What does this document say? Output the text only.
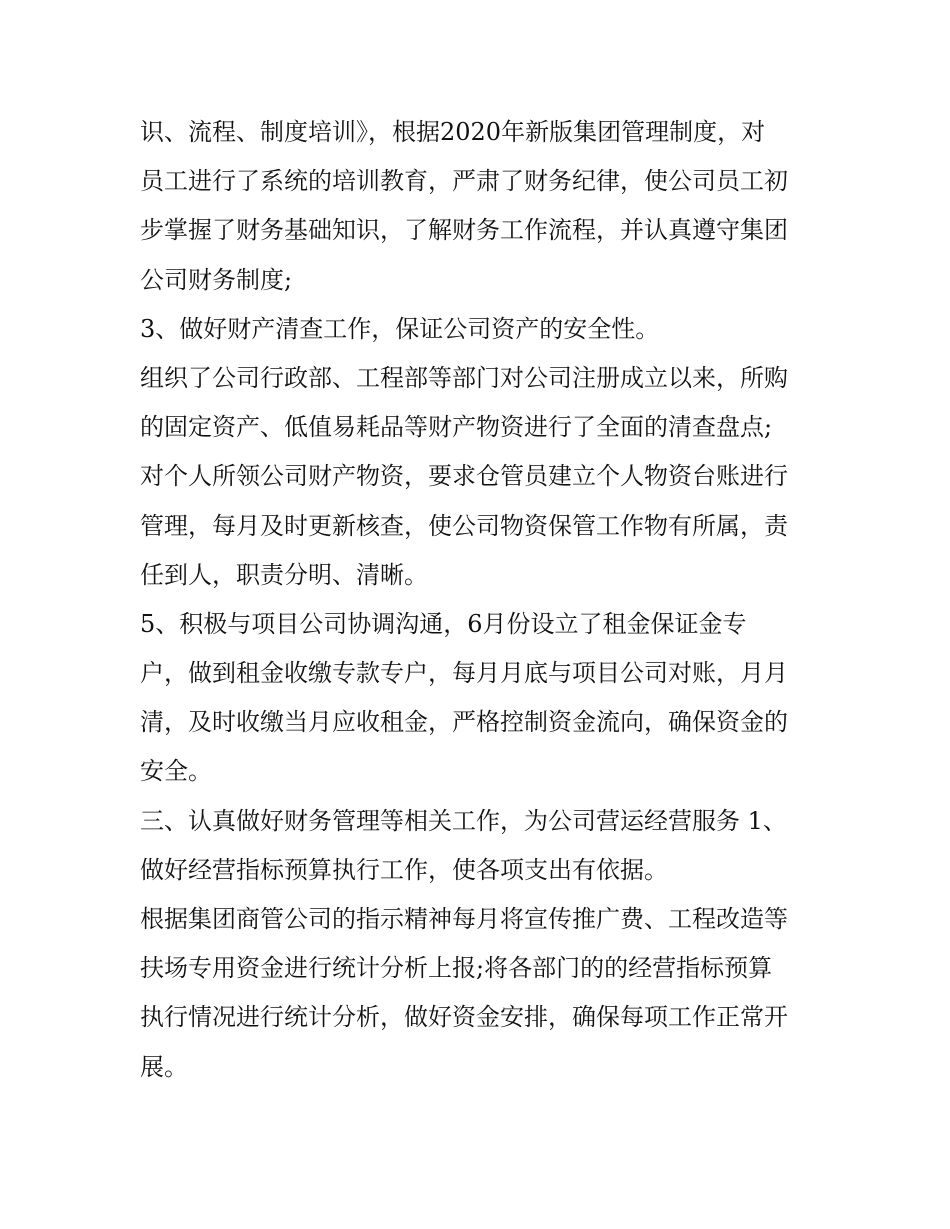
识、流程、制度培训》，根据2020年新版集团管理制度，对
员工进行了系统的培训教育，严肃了财务纪律，使公司员工初
步掌握了财务基础知识，了解财务工作流程，并认真遵守集团
公司财务制度;
3、做好财产清查工作，保证公司资产的安全性。
组织了公司行政部、工程部等部门对公司注册成立以来，所购
的固定资产、低值易耗品等财产物资进行了全面的清查盘点;
对个人所领公司财产物资，要求仓管员建立个人物资台账进行
管理，每月及时更新核查，使公司物资保管工作物有所属，责
任到人，职责分明、清晰。
5、积极与项目公司协调沟通，6月份设立了租金保证金专
户，做到租金收缴专款专户，每月月底与项目公司对账，月月
清，及时收缴当月应收租金，严格控制资金流向，确保资金的
安全。
三、认真做好财务管理等相关工作，为公司营运经营服务 1、
做好经营指标预算执行工作，使各项支出有依据。
根据集团商管公司的指示精神每月将宣传推广费、工程改造等
扶场专用资金进行统计分析上报;将各部门的的经营指标预算
执行情况进行统计分析，做好资金安排，确保每项工作正常开
展。
